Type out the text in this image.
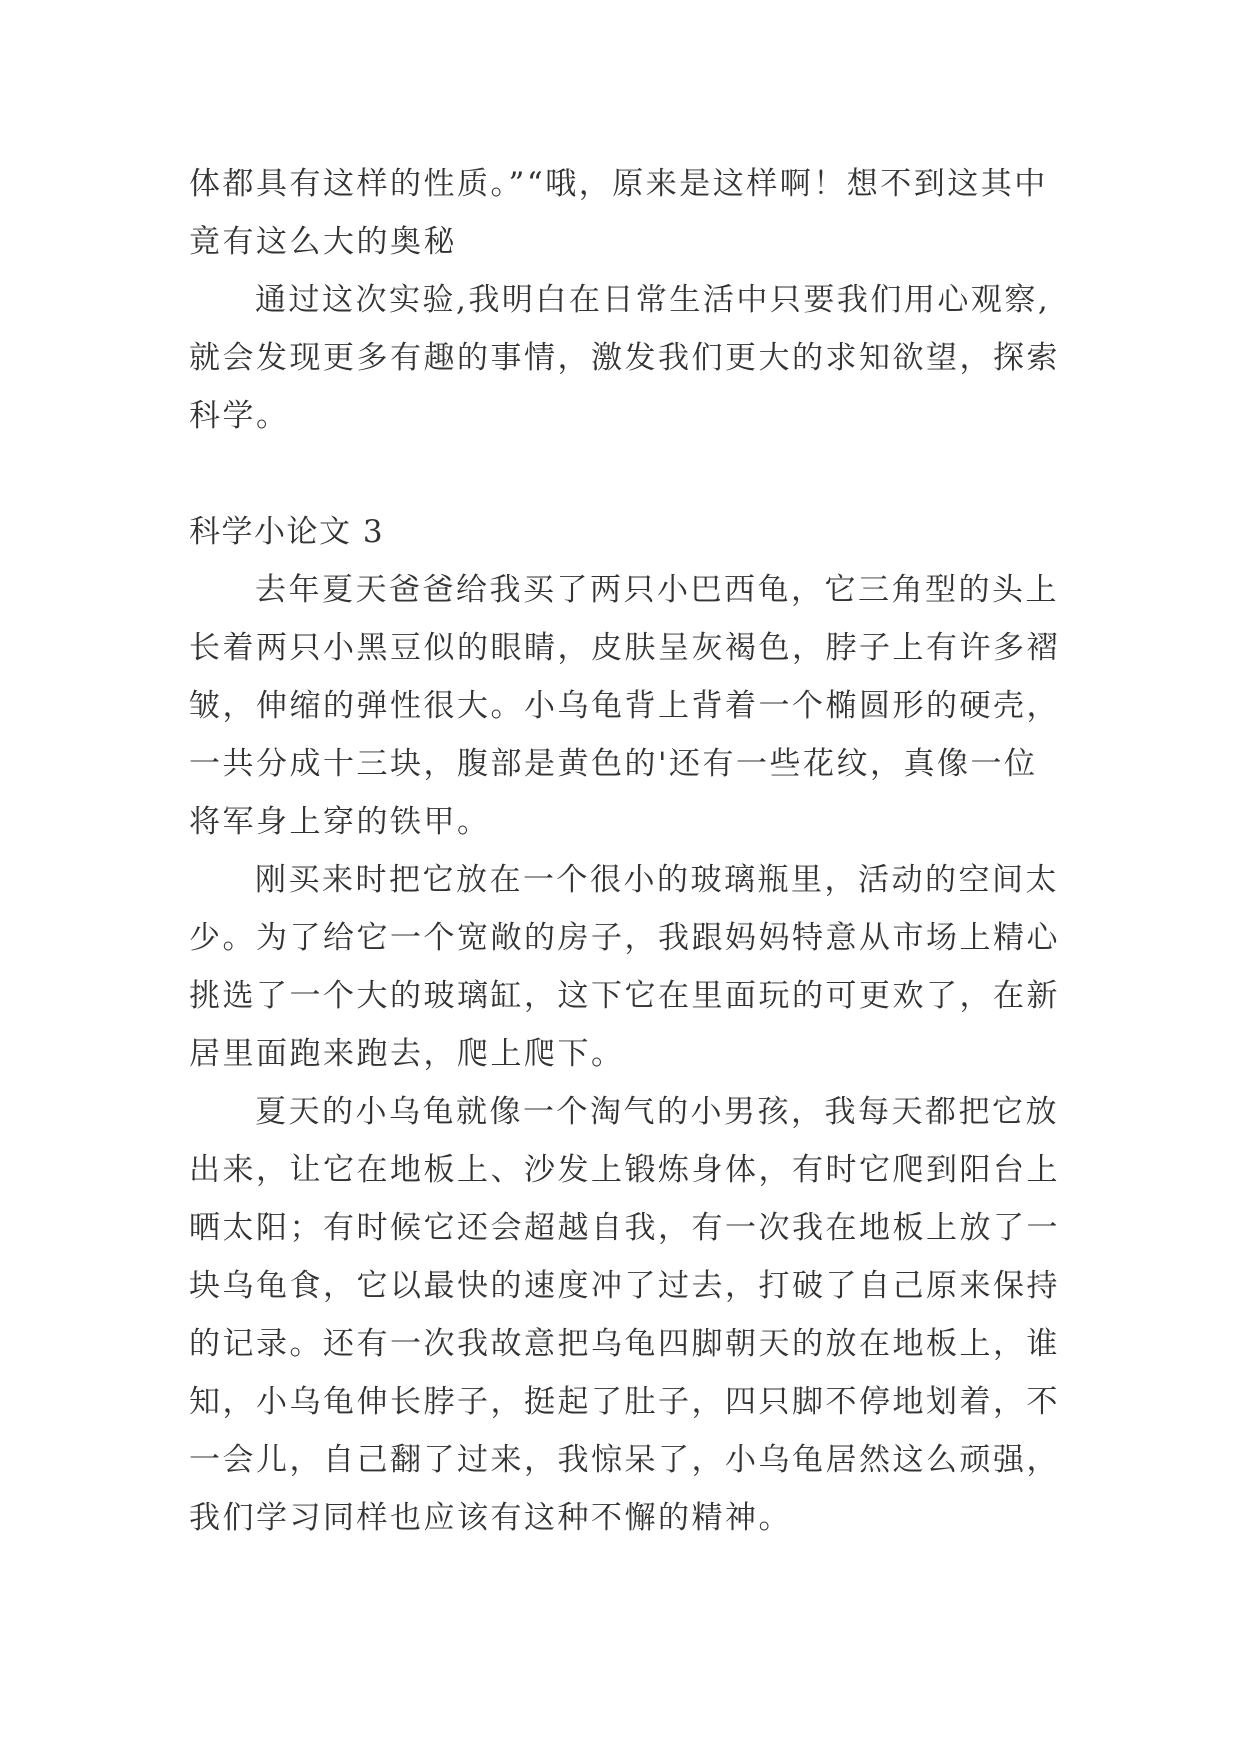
体都具有这样的性质。”“哦，原来是这样啊！想不到这其中
竟有这么大的奥秘
通过这次实验,我明白在日常生活中只要我们用心观察,
就会发现更多有趣的事情，激发我们更大的求知欲望，探索
科学。
科学小论文 3
去年夏天爸爸给我买了两只小巴西龟，它三角型的头上
长着两只小黑豆似的眼睛，皮肤呈灰褐色，脖子上有许多褶
皱，伸缩的弹性很大。小乌龟背上背着一个椭圆形的硬壳，
一共分成十三块，腹部是黄色的'还有一些花纹，真像一位
将军身上穿的铁甲。
刚买来时把它放在一个很小的玻璃瓶里，活动的空间太
少。为了给它一个宽敞的房子，我跟妈妈特意从市场上精心
挑选了一个大的玻璃缸，这下它在里面玩的可更欢了，在新
居里面跑来跑去，爬上爬下。
夏天的小乌龟就像一个淘气的小男孩，我每天都把它放
出来，让它在地板上、沙发上锻炼身体，有时它爬到阳台上
晒太阳；有时候它还会超越自我，有一次我在地板上放了一
块乌龟食，它以最快的速度冲了过去，打破了自己原来保持
的记录。还有一次我故意把乌龟四脚朝天的放在地板上，谁
知，小乌龟伸长脖子，挺起了肚子，四只脚不停地划着，不
一会儿，自己翻了过来，我惊呆了，小乌龟居然这么顽强，
我们学习同样也应该有这种不懈的精神。
